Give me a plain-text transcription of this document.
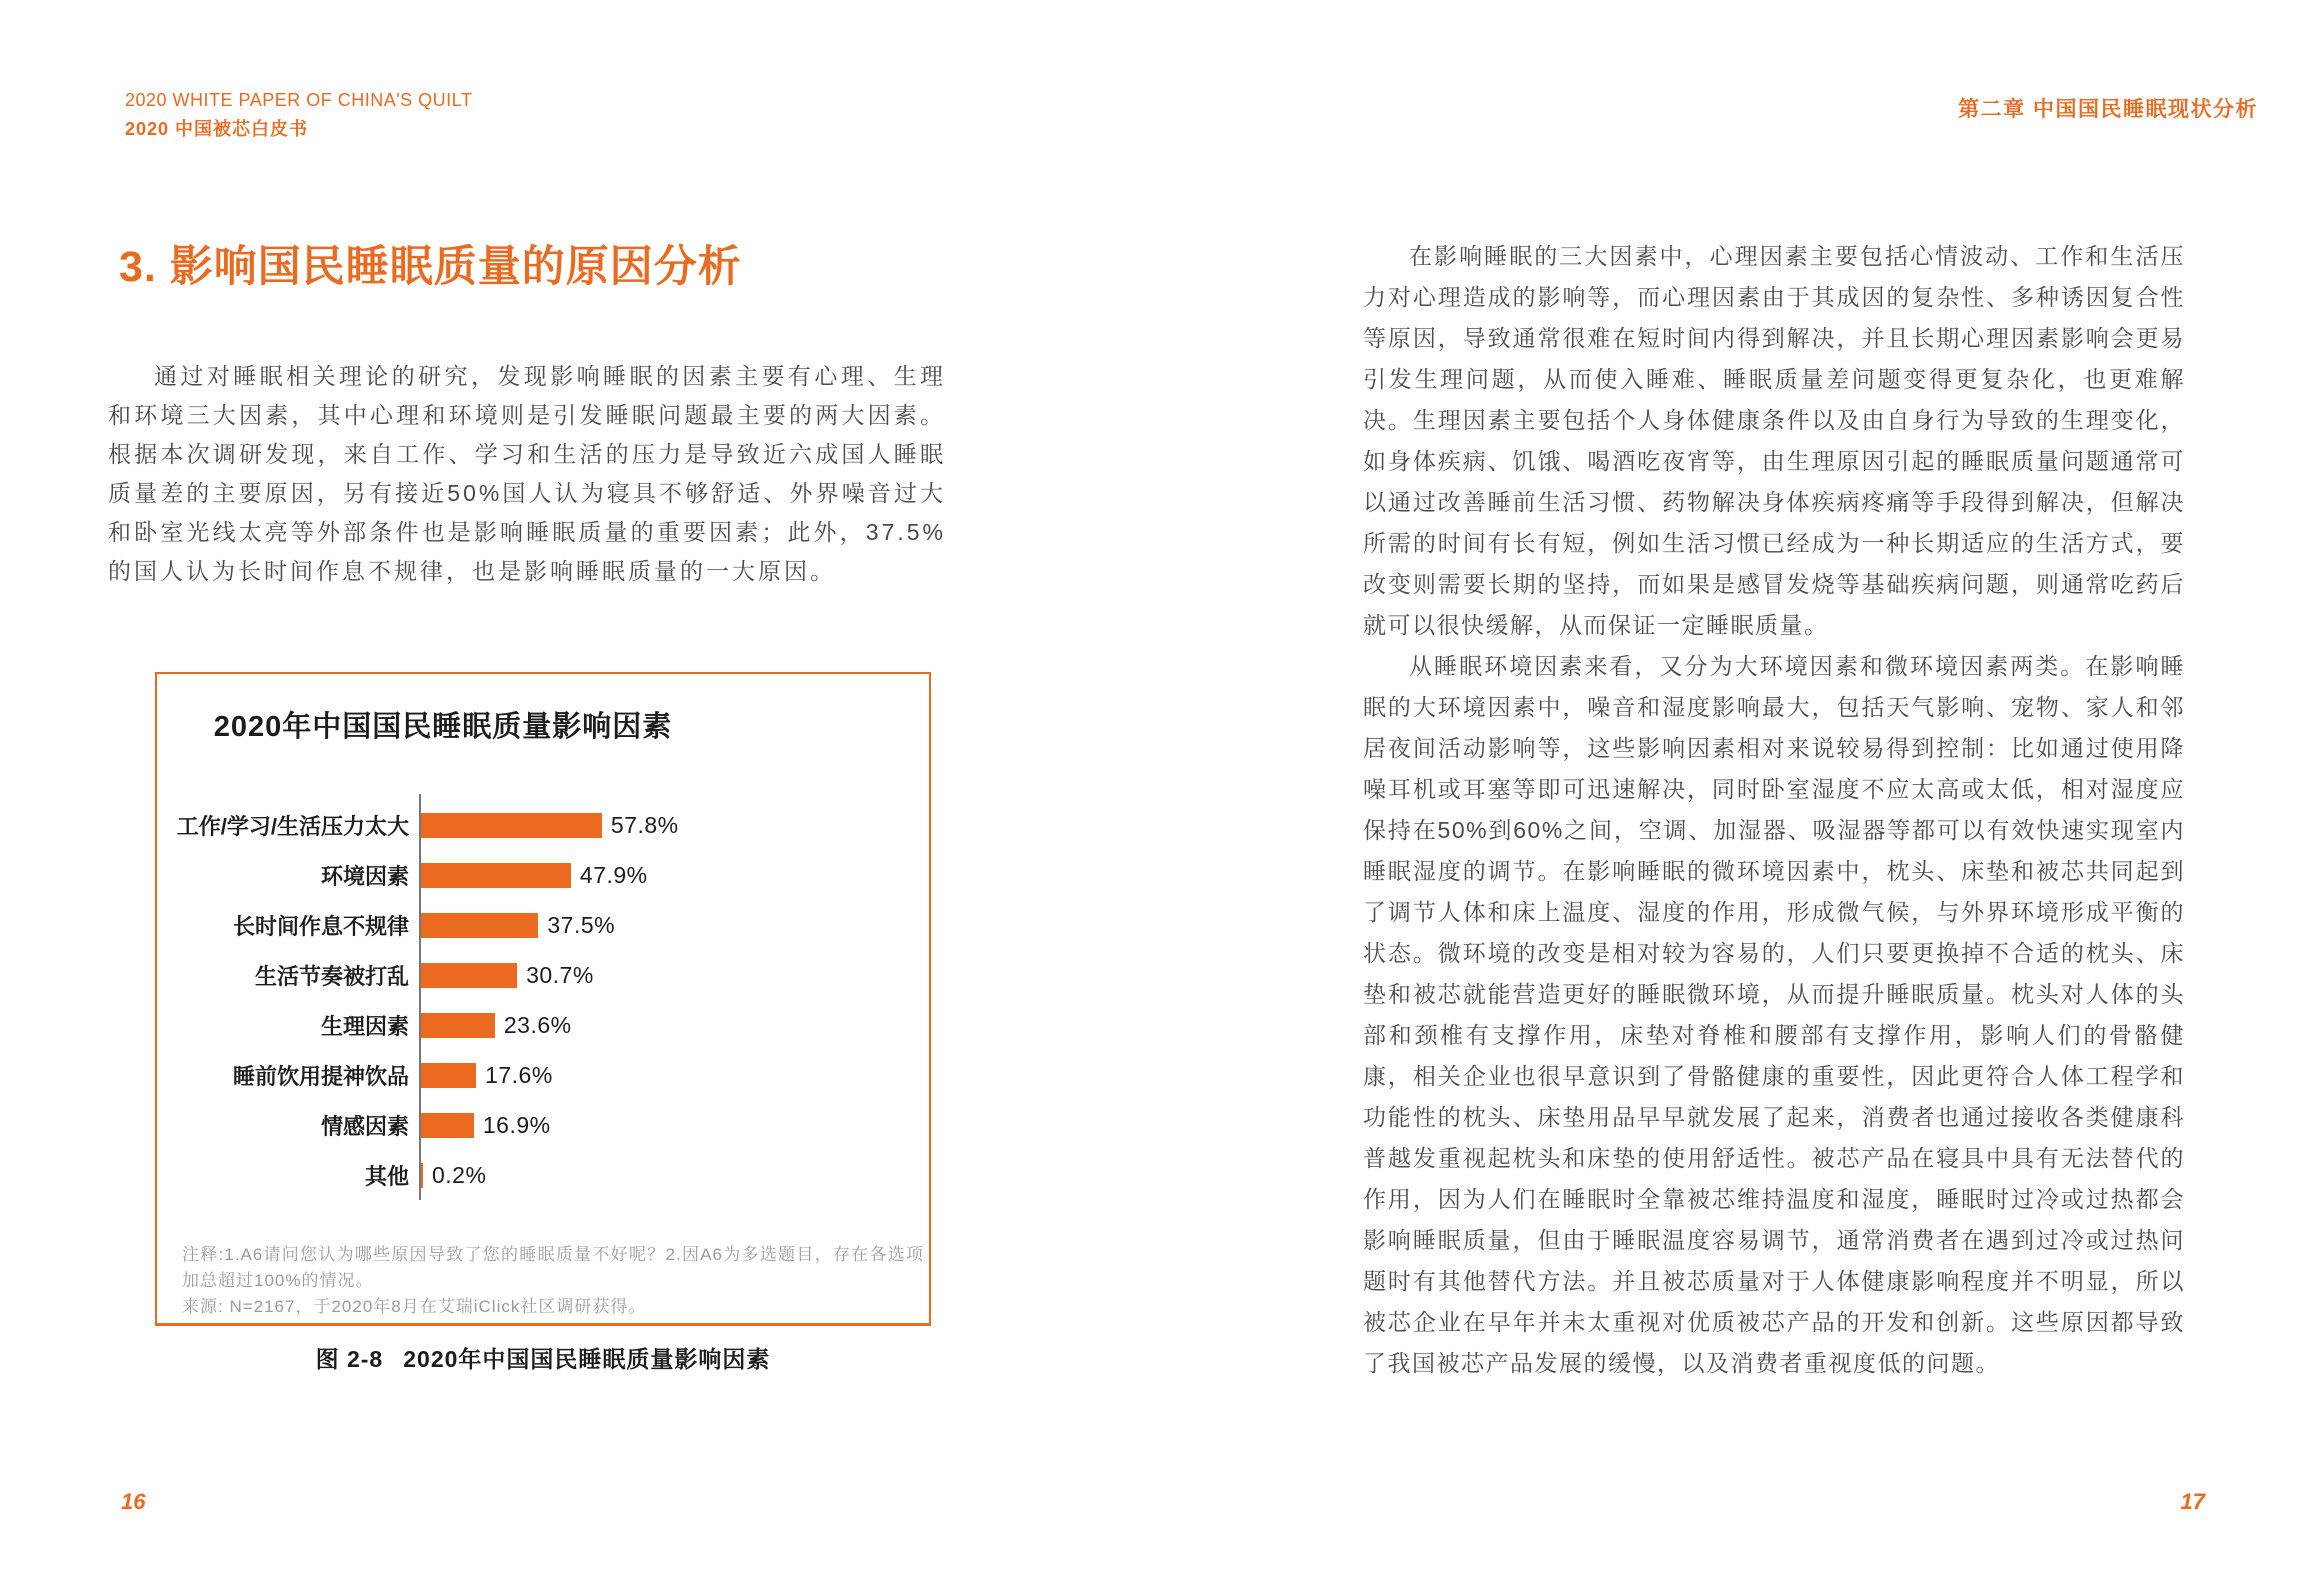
2020 WHITE PAPER OF CHINA'S QUILT
2020 中国被芯白皮书
3. 影响国民睡眠质量的原因分析

通过对睡眠相关理论的研究，发现影响睡眠的因素主要有心理、生理和环境三大因素，其中心理和环境则是引发睡眠问题最主要的两大因素。根据本次调研发现，来自工作、学习和生活的压力是导致近六成国人睡眠质量差的主要原因，另有接近50%国人认为寝具不够舒适、外界噪音过大和卧室光线太亮等外部条件也是影响睡眠质量的重要因素；此外，37.5%的国人认为长时间作息不规律，也是影响睡眠质量的一大原因。

2020年中国国民睡眠质量影响因素
工作/学习/生活压力太大	57.8%
环境因素	47.9%
长时间作息不规律	37.5%
生活节奏被打乱	30.7%
生理因素	23.6%
睡前饮用提神饮品	17.6%
情感因素	16.9%
其他	0.2%

注释:1.A6请问您认为哪些原因导致了您的睡眠质量不好呢？2.因A6为多选题目，存在各选项加总超过100%的情况。

来源: N=2167，于2020年8月在艾瑞iClick社区调研获得。

图 2-8 2020年中国国民睡眠质量影响因素
16
第二章 中国国民睡眠现状分析

在影响睡眠的三大因素中，心理因素主要包括心情波动、工作和生活压力对心理造成的影响等，而心理因素由于其成因的复杂性、多种诱因复合性等原因，导致通常很难在短时间内得到解决，并且长期心理因素影响会更易引发生理问题，从而使入睡难、睡眠质量差问题变得更复杂化，也更难解决。生理因素主要包括个人身体健康条件以及由自身行为导致的生理变化，如身体疾病、饥饿、喝酒吃夜宵等，由生理原因引起的睡眠质量问题通常可以通过改善睡前生活习惯、药物解决身体疾病疼痛等手段得到解决，但解决所需的时间有长有短，例如生活习惯已经成为一种长期适应的生活方式，要改变则需要长期的坚持，而如果是感冒发烧等基础疾病问题，则通常吃药后就可以很快缓解，从而保证一定睡眠质量。

从睡眠环境因素来看，又分为大环境因素和微环境因素两类。在影响睡眠的大环境因素中，噪音和湿度影响最大，包括天气影响、宠物、家人和邻居夜间活动影响等，这些影响因素相对来说较易得到控制：比如通过使用降噪耳机或耳塞等即可迅速解决，同时卧室湿度不应太高或太低，相对湿度应保持在50%到60%之间，空调、加湿器、吸湿器等都可以有效快速实现室内睡眠湿度的调节。在影响睡眠的微环境因素中，枕头、床垫和被芯共同起到了调节人体和床上温度、湿度的作用，形成微气候，与外界环境形成平衡的状态。微环境的改变是相对较为容易的，人们只要更换掉不合适的枕头、床垫和被芯就能营造更好的睡眠微环境，从而提升睡眠质量。枕头对人体的头部和颈椎有支撑作用，床垫对脊椎和腰部有支撑作用，影响人们的骨骼健康，相关企业也很早意识到了骨骼健康的重要性，因此更符合人体工程学和功能性的枕头、床垫用品早早就发展了起来，消费者也通过接收各类健康科普越发重视起枕头和床垫的使用舒适性。被芯产品在寝具中具有无法替代的作用，因为人们在睡眠时全靠被芯维持温度和湿度，睡眠时过冷或过热都会影响睡眠质量，但由于睡眠温度容易调节，通常消费者在遇到过冷或过热问题时有其他替代方法。并且被芯质量对于人体健康影响程度并不明显，所以被芯企业在早年并未太重视对优质被芯产品的开发和创新。这些原因都导致了我国被芯产品发展的缓慢，以及消费者重视度低的问题。

17
